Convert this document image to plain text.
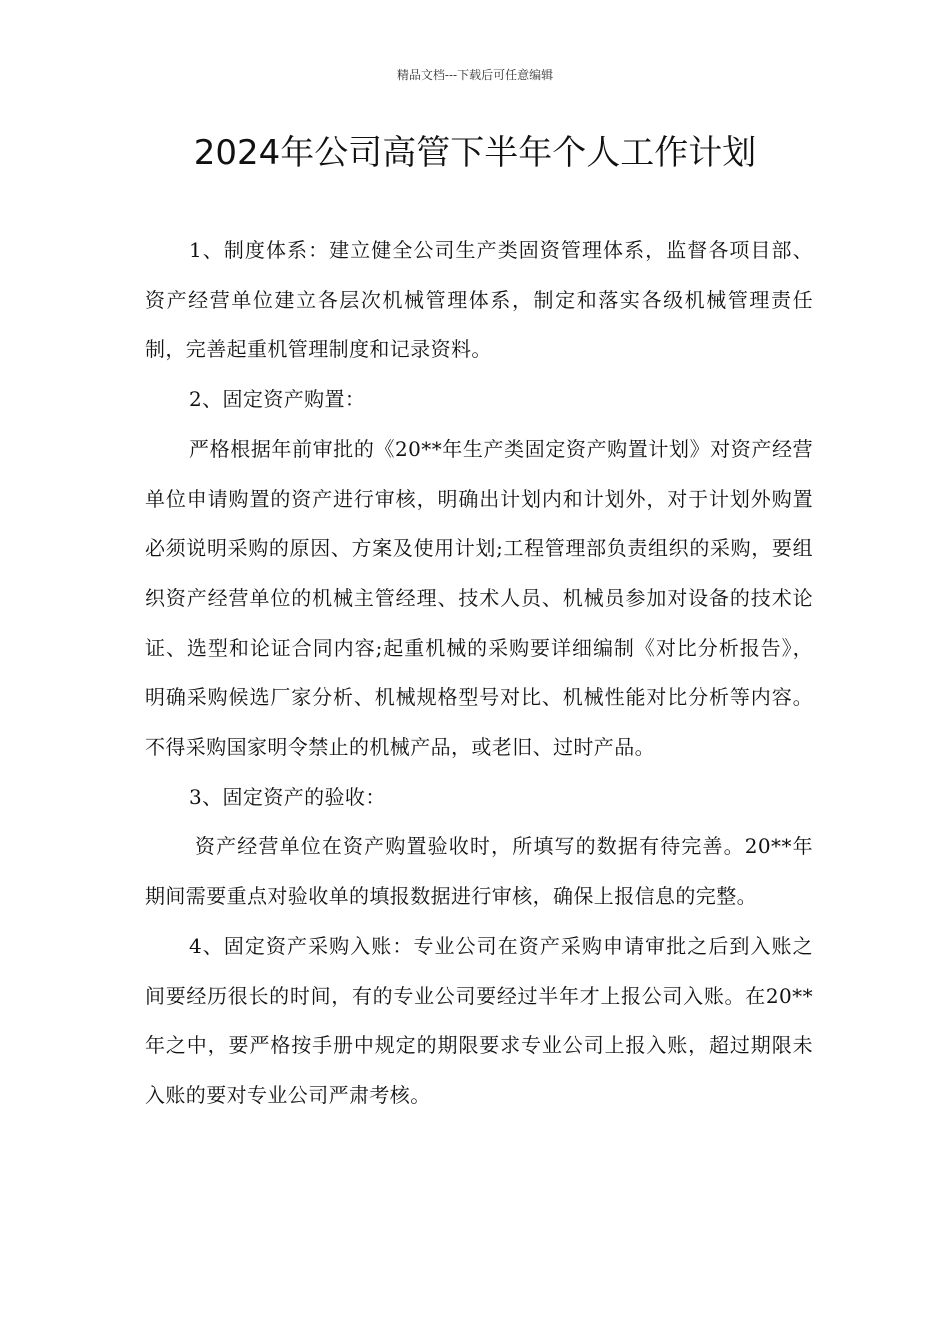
精品文档---下载后可任意编辑
2024年公司高管下半年个人工作计划

1、制度体系：建立健全公司生产类固资管理体系，监督各项目部、资产经营单位建立各层次机械管理体系，制定和落实各级机械管理责任制，完善起重机管理制度和记录资料。

2、固定资产购置：

严格根据年前审批的《20**年生产类固定资产购置计划》对资产经营单位申请购置的资产进行审核，明确出计划内和计划外，对于计划外购置必须说明采购的原因、方案及使用计划;工程管理部负责组织的采购，要组织资产经营单位的机械主管经理、技术人员、机械员参加对设备的技术论证、选型和论证合同内容;起重机械的采购要详细编制《对比分析报告》，明确采购候选厂家分析、机械规格型号对比、机械性能对比分析等内容。不得采购国家明令禁止的机械产品，或老旧、过时产品。

3、固定资产的验收：

资产经营单位在资产购置验收时，所填写的数据有待完善。20**年期间需要重点对验收单的填报数据进行审核，确保上报信息的完整。

4、固定资产采购入账：专业公司在资产采购申请审批之后到入账之间要经历很长的时间，有的专业公司要经过半年才上报公司入账。在20**年之中，要严格按手册中规定的期限要求专业公司上报入账，超过期限未入账的要对专业公司严肃考核。
